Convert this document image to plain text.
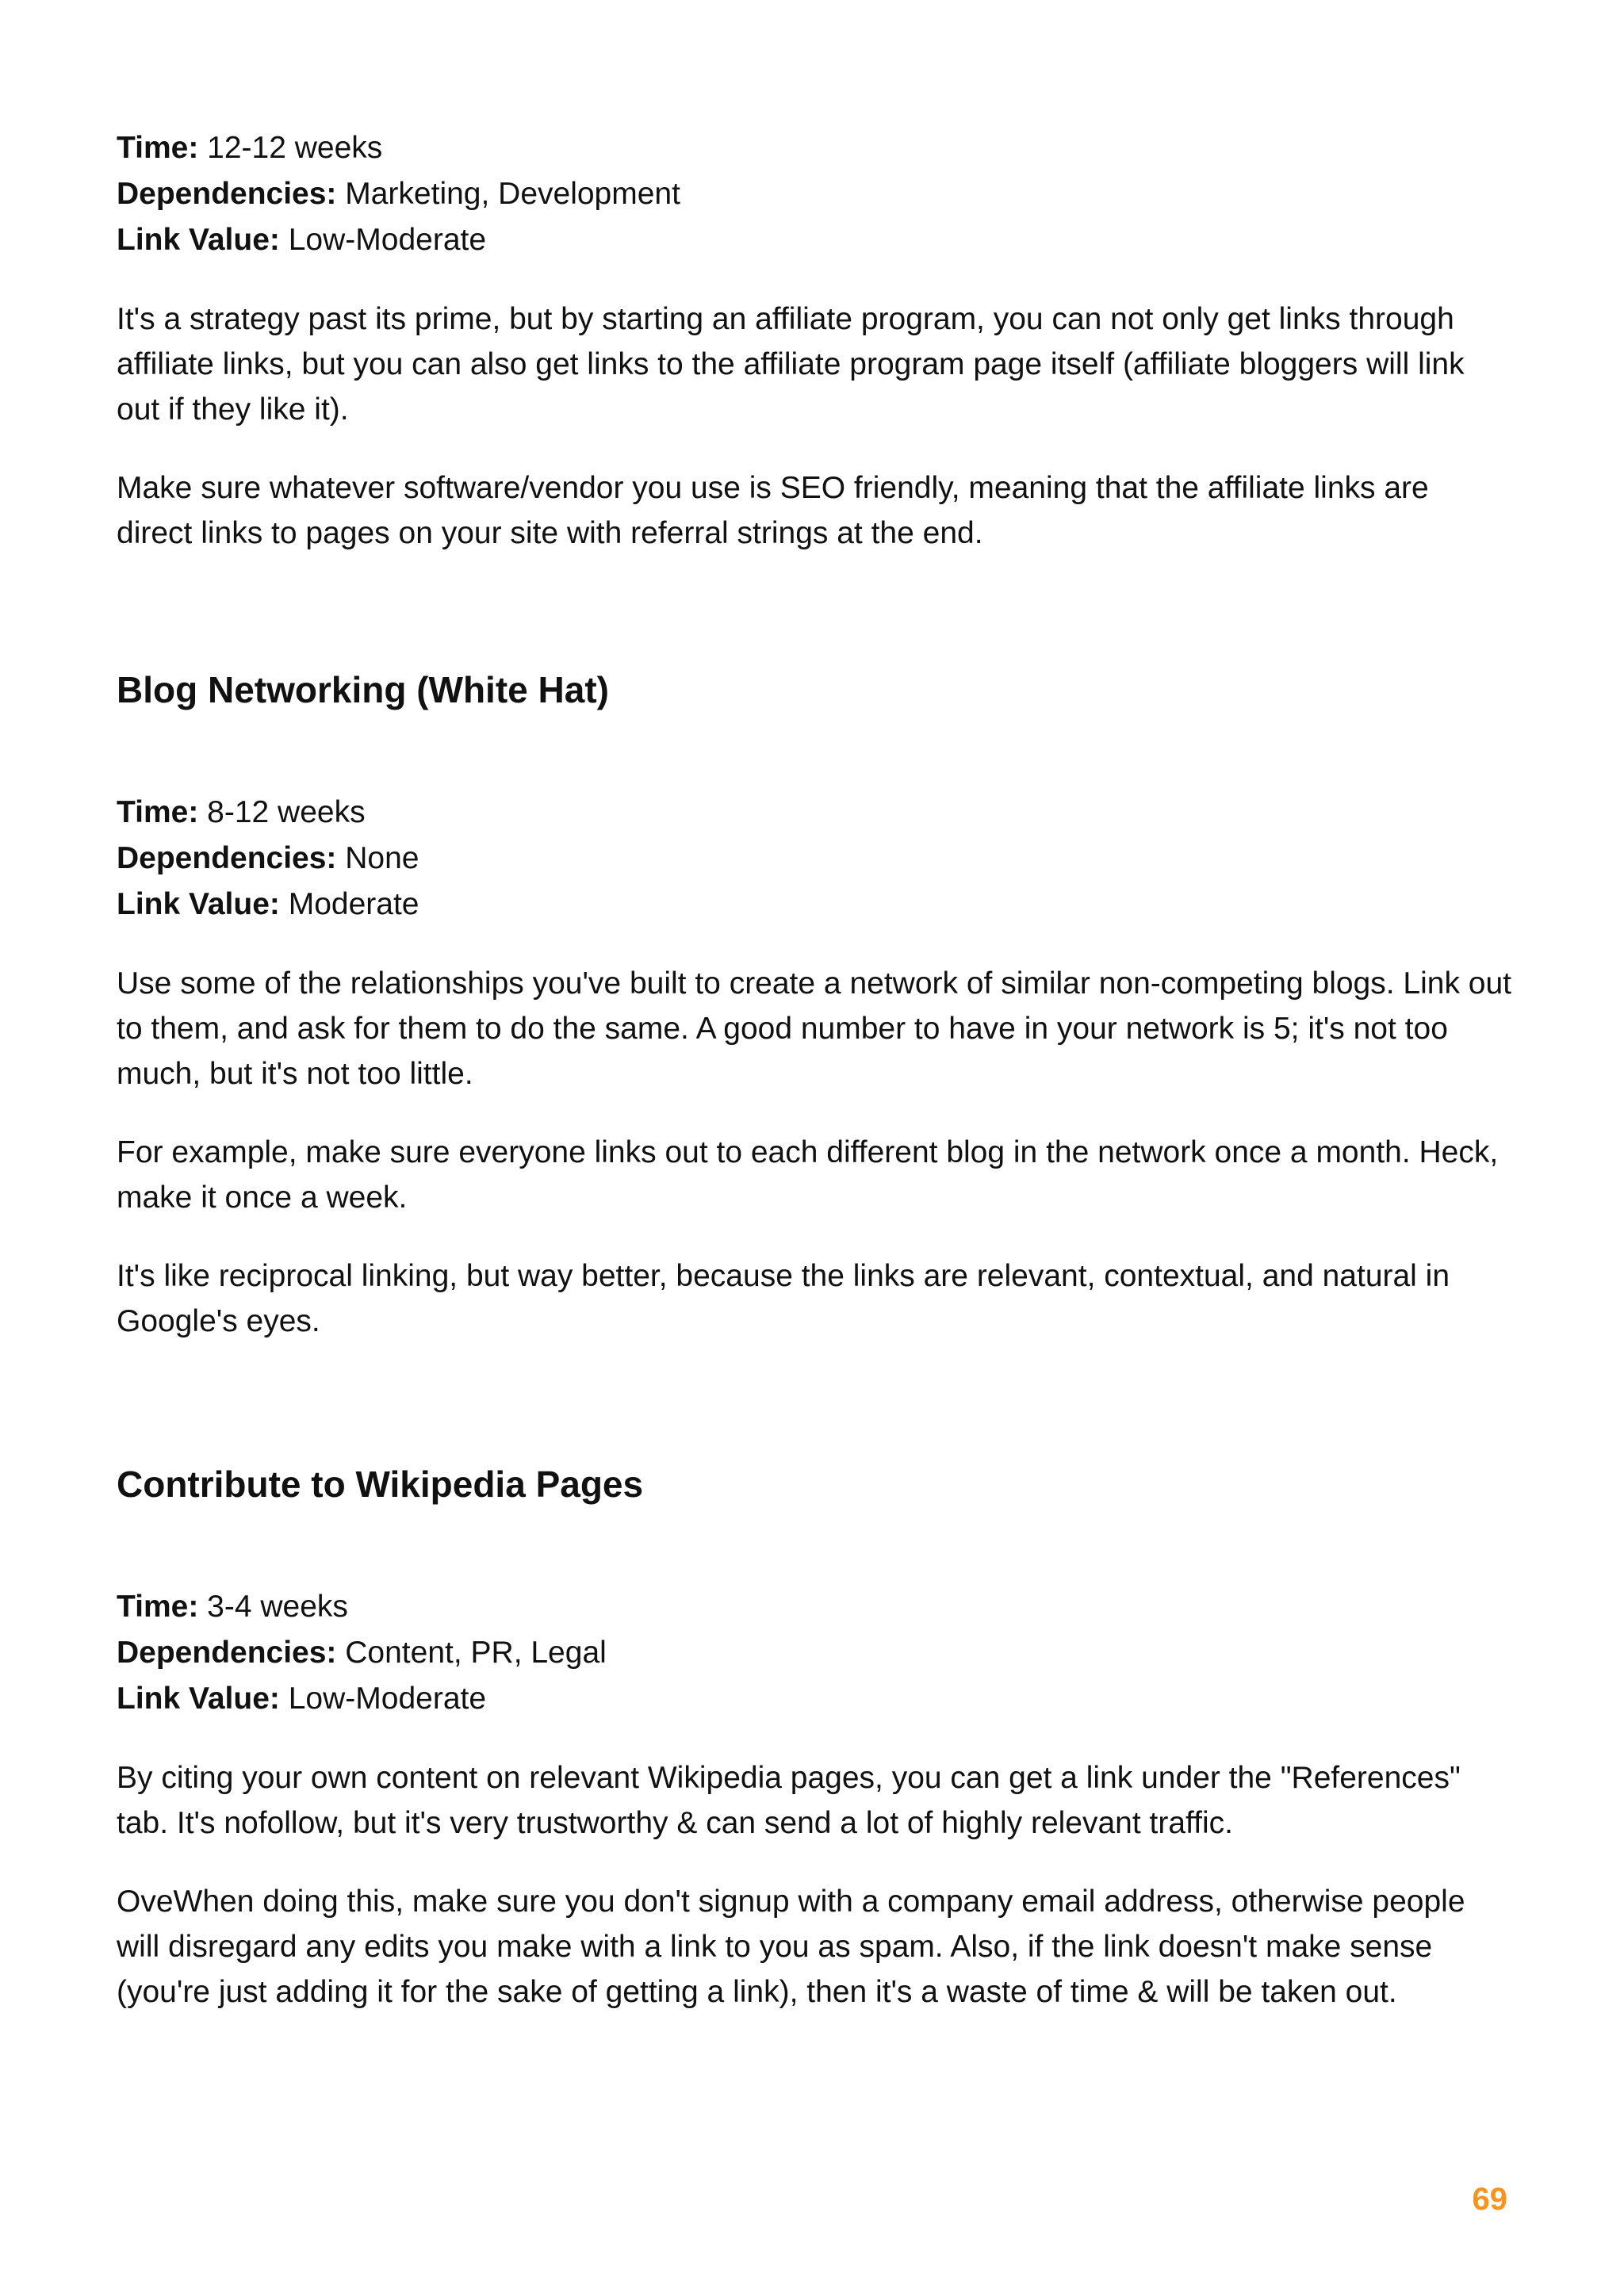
Time: 12-12 weeks

Dependencies: Marketing, Development

Link Value: Low-Moderate

It's a strategy past its prime, but by starting an affiliate program, you can not only get links through affiliate links, but you can also get links to the affiliate program page itself (affiliate bloggers will link out if they like it).

Make sure whatever software/vendor you use is SEO friendly, meaning that the affiliate links are direct links to pages on your site with referral strings at the end.

Blog Networking (White Hat)

Time: 8-12 weeks

Dependencies: None

Link Value: Moderate

Use some of the relationships you've built to create a network of similar non-competing blogs. Link out to them, and ask for them to do the same. A good number to have in your network is 5; it's not too much, but it's not too little.

For example, make sure everyone links out to each different blog in the network once a month. Heck, make it once a week.

It's like reciprocal linking, but way better, because the links are relevant, contextual, and natural in Google's eyes.

Contribute to Wikipedia Pages

Time: 3-4 weeks

Dependencies: Content, PR, Legal

Link Value: Low-Moderate

By citing your own content on relevant Wikipedia pages, you can get a link under the "References" tab. It's nofollow, but it's very trustworthy & can send a lot of highly relevant traffic.

OveWhen doing this, make sure you don't signup with a company email address, otherwise people will disregard any edits you make with a link to you as spam. Also, if the link doesn't make sense (you're just adding it for the sake of getting a link), then it's a waste of time & will be taken out.

69
